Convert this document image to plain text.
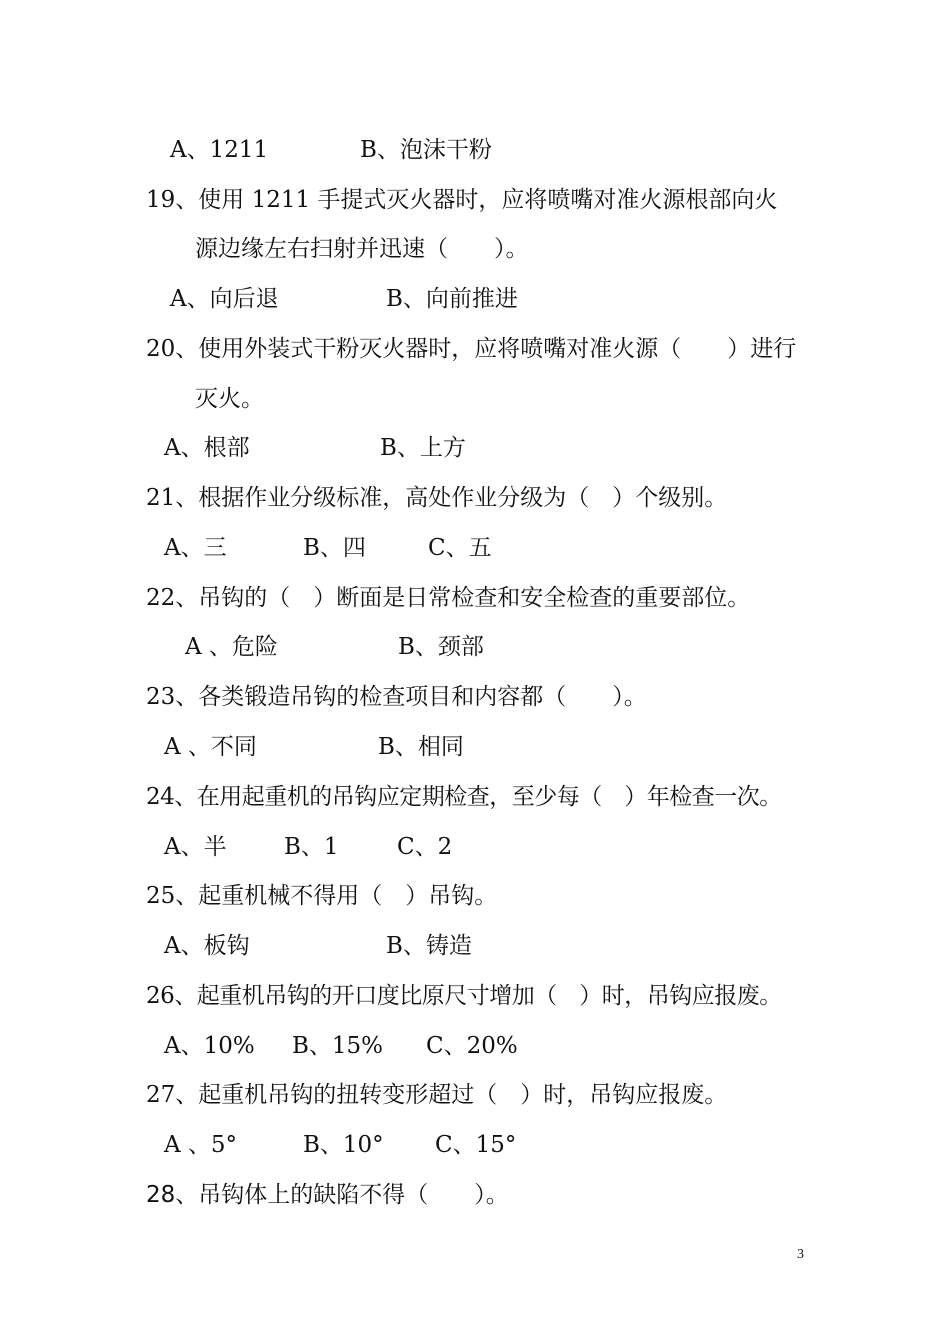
A、1211	B、泡沫干粉
19、使用 1211 手提式灭火器时，应将喷嘴对准火源根部向火
源边缘左右扫射并迅速（　　）。
A、向后退	B、向前推进
20、使用外装式干粉灭火器时，应将喷嘴对准火源（　　）进行
灭火。
A、根部	B、上方
21、根据作业分级标准，高处作业分级为（　）个级别。
A、三	B、四	C、五
22、吊钩的（　）断面是日常检查和安全检查的重要部位。
A 、危险	B、颈部
23、各类锻造吊钩的检查项目和内容都（　　）。
A 、不同	B、相同
24、在用起重机的吊钩应定期检查，至少每（　）年检查一次。
A、半 B、1	C、2
25、起重机械不得用（　）吊钩。
A、板钩	B、铸造
26、起重机吊钩的开口度比原尺寸增加（　）时，吊钩应报废。
A、10% B、15% C、20%
27、起重机吊钩的扭转变形超过（　）时，吊钩应报废。
A 、5°	B、10° C、15°
28、吊钩体上的缺陷不得（　　）。
3
